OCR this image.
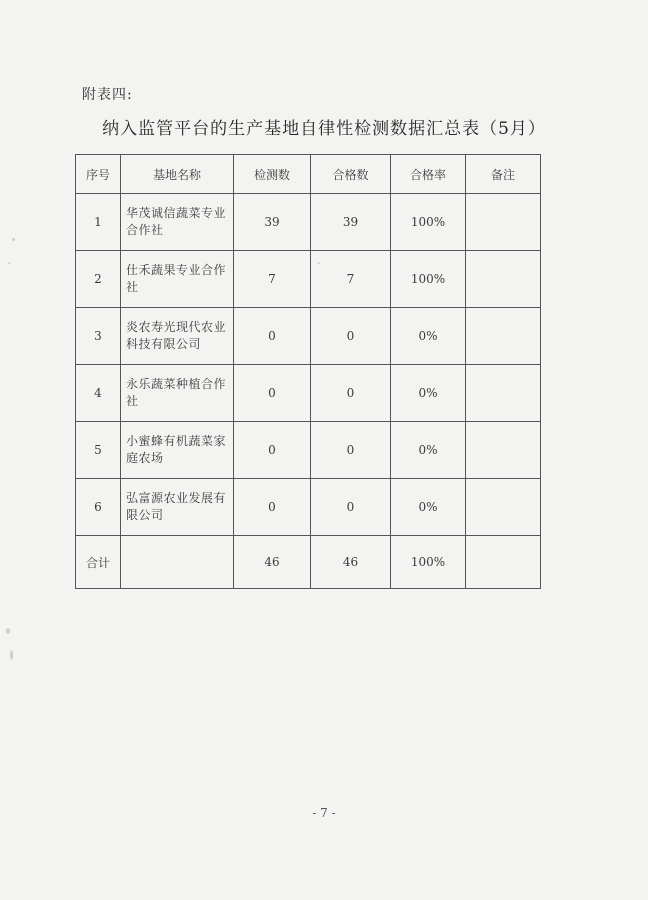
附表四:
纳入监管平台的生产基地自律性检测数据汇总表（5月）
序号	基地名称	检测数	合格数	合格率	备注
1	华茂诚信蔬菜专业合作社	39	39	100%	
2	仕禾蔬果专业合作社	7	7	100%	
3	炎农寿光现代农业科技有限公司	0	0	0%	
4	永乐蔬菜种植合作社	0	0	0%	
5	小蜜蜂有机蔬菜家庭农场	0	0	0%	
6	弘富源农业发展有限公司	0	0	0%	
合计		46	46	100%	
- 7 -
